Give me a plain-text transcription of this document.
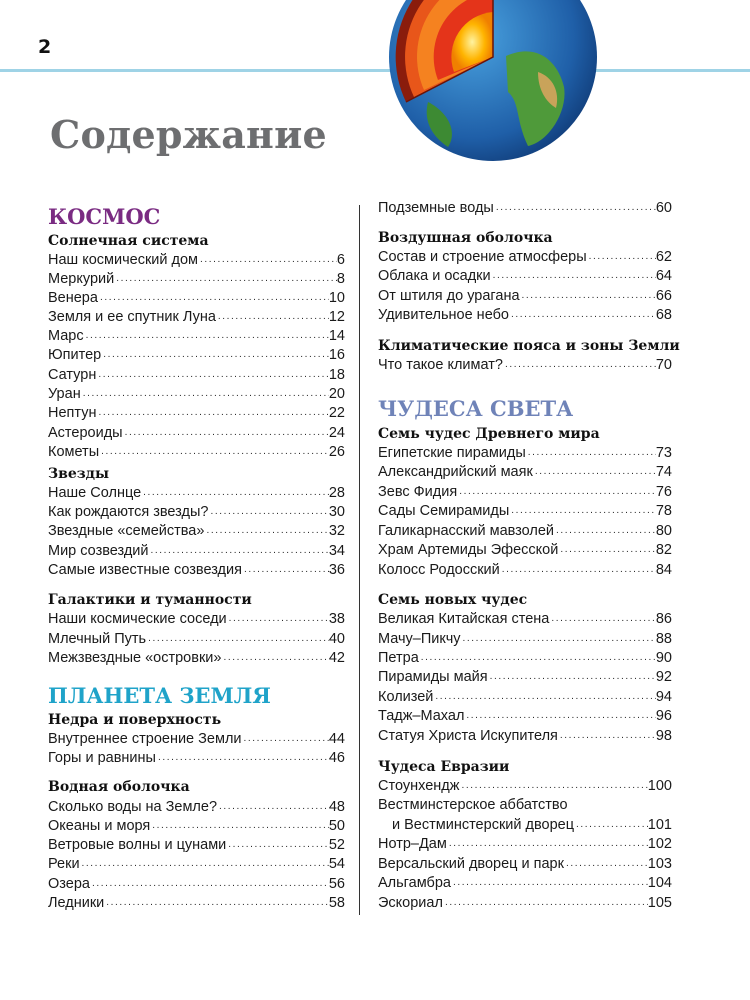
2
Содержание
КОСМОС
Солнечная система
Наш космический дом .....	6
Меркурий .....	8
Венера .....	10
Земля и ее спутник Луна .....	12
Марс .....	14
Юпитер .....	16
Сатурн .....	18
Уран .....	20
Нептун .....	22
Астероиды .....	24
Кометы .....	26
Звезды
Наше Солнце .....	28
Как рождаются звезды? .....	30
Звездные «семейства» .....	32
Мир созвездий .....	34
Самые известные созвездия .....	36
Галактики и туманности
Наши космические соседи .....	38
Млечный Путь .....	40
Межзвездные «островки» .....	42
ПЛАНЕТА ЗЕМЛЯ
Недра и поверхность
Внутреннее строение Земли .....	44
Горы и равнины .....	46
Водная оболочка
Сколько воды на Земле? .....	48
Океаны и моря .....	50
Ветровые волны и цунами .....	52
Реки .....	54
Озера .....	56
Ледники .....	58
Подземные воды .....	60
Воздушная оболочка
Состав и строение атмосферы .....	62
Облака и осадки .....	64
От штиля до урагана .....	66
Удивительное небо .....	68
Климатические пояса и зоны Земли
Что такое климат? .....	70
ЧУДЕСА СВЕТА
Семь чудес Древнего мира
Египетские пирамиды .....	73
Александрийский маяк .....	74
Зевс Фидия .....	76
Сады Семирамиды .....	78
Галикарнасский мавзолей .....	80
Храм Артемиды Эфесской .....	82
Колосс Родосский .....	84
Семь новых чудес
Великая Китайская стена .....	86
Мачу–Пикчу .....	88
Петра .....	90
Пирамиды майя .....	92
Колизей .....	94
Тадж–Махал .....	96
Статуя Христа Искупителя .....	98
Чудеса Евразии
Стоунхендж .....	100
Вестминстерское аббатство
и Вестминстерский дворец .....	101
Нотр–Дам .....	102
Версальский дворец и парк .....	103
Альгамбра .....	104
Эскориал .....	105
